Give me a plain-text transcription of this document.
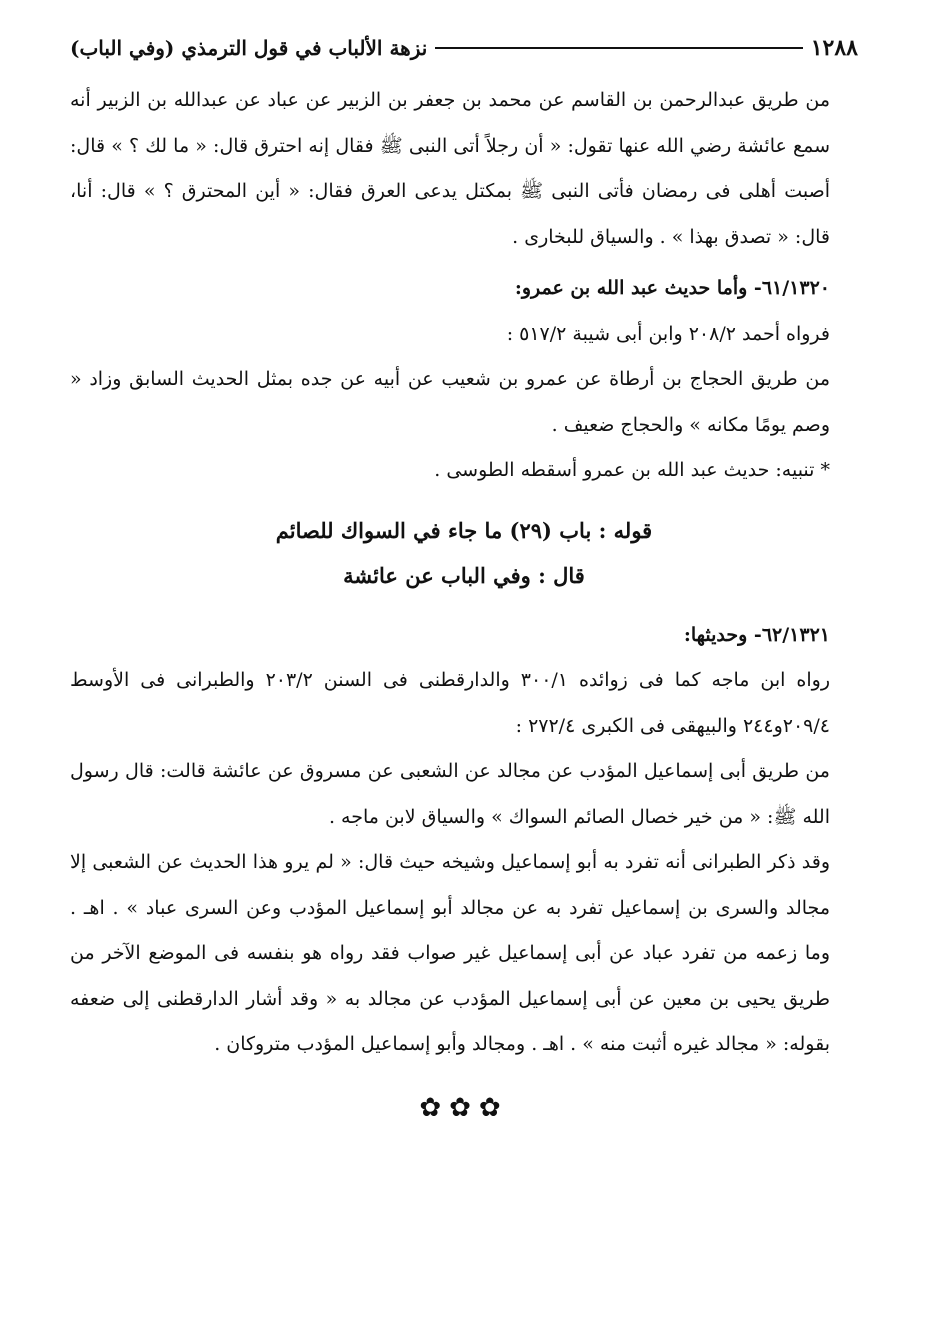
١٢٨٨
نزهة الألباب في قول الترمذي (وفي الباب)

من طريق عبدالرحمن بن القاسم عن محمد بن جعفر بن الزبير عن عباد عن عبدالله بن الزبير أنه سمع عائشة رضي الله عنها تقول: « أن رجلاً أتى النبى ﷺ فقال إنه احترق قال: « ما لك ؟ » قال: أصبت أهلى فى رمضان فأتى النبى ﷺ بمكتل يدعى العرق فقال: « أين المحترق ؟ » قال: أنا، قال: « تصدق بهذا » . والسياق للبخارى .

٦١/١٣٢٠- وأما حديث عبد الله بن عمرو:

فرواه أحمد ٢٠٨/٢ وابن أبى شيبة ٥١٧/٢ :

من طريق الحجاج بن أرطاة عن عمرو بن شعيب عن أبيه عن جده بمثل الحديث السابق وزاد « وصم يومًا مكانه » والحجاج ضعيف .

* تنبيه: حديث عبد الله بن عمرو أسقطه الطوسى .

قوله : باب (٢٩) ما جاء في السواك للصائم

قال : وفي الباب عن عائشة

٦٢/١٣٢١- وحديثها:

رواه ابن ماجه كما فى زوائده ٣٠٠/١ والدارقطنى فى السنن ٢٠٣/٢ والطبرانى فى الأوسط ٢٠٩/٤و٢٤٤ والبيهقى فى الكبرى ٢٧٢/٤ :

من طريق أبى إسماعيل المؤدب عن مجالد عن الشعبى عن مسروق عن عائشة قالت: قال رسول الله ﷺ: « من خير خصال الصائم السواك » والسياق لابن ماجه .

وقد ذكر الطبرانى أنه تفرد به أبو إسماعيل وشيخه حيث قال: « لم يرو هذا الحديث عن الشعبى إلا مجالد والسرى بن إسماعيل تفرد به عن مجالد أبو إسماعيل المؤدب وعن السرى عباد » . اهـ . وما زعمه من تفرد عباد عن أبى إسماعيل غير صواب فقد رواه هو بنفسه فى الموضع الآخر من طريق يحيى بن معين عن أبى إسماعيل المؤدب عن مجالد به « وقد أشار الدارقطنى إلى ضعفه بقوله: « مجالد غيره أثبت منه » . اهـ . ومجالد وأبو إسماعيل المؤدب متروكان .

✿✿✿
